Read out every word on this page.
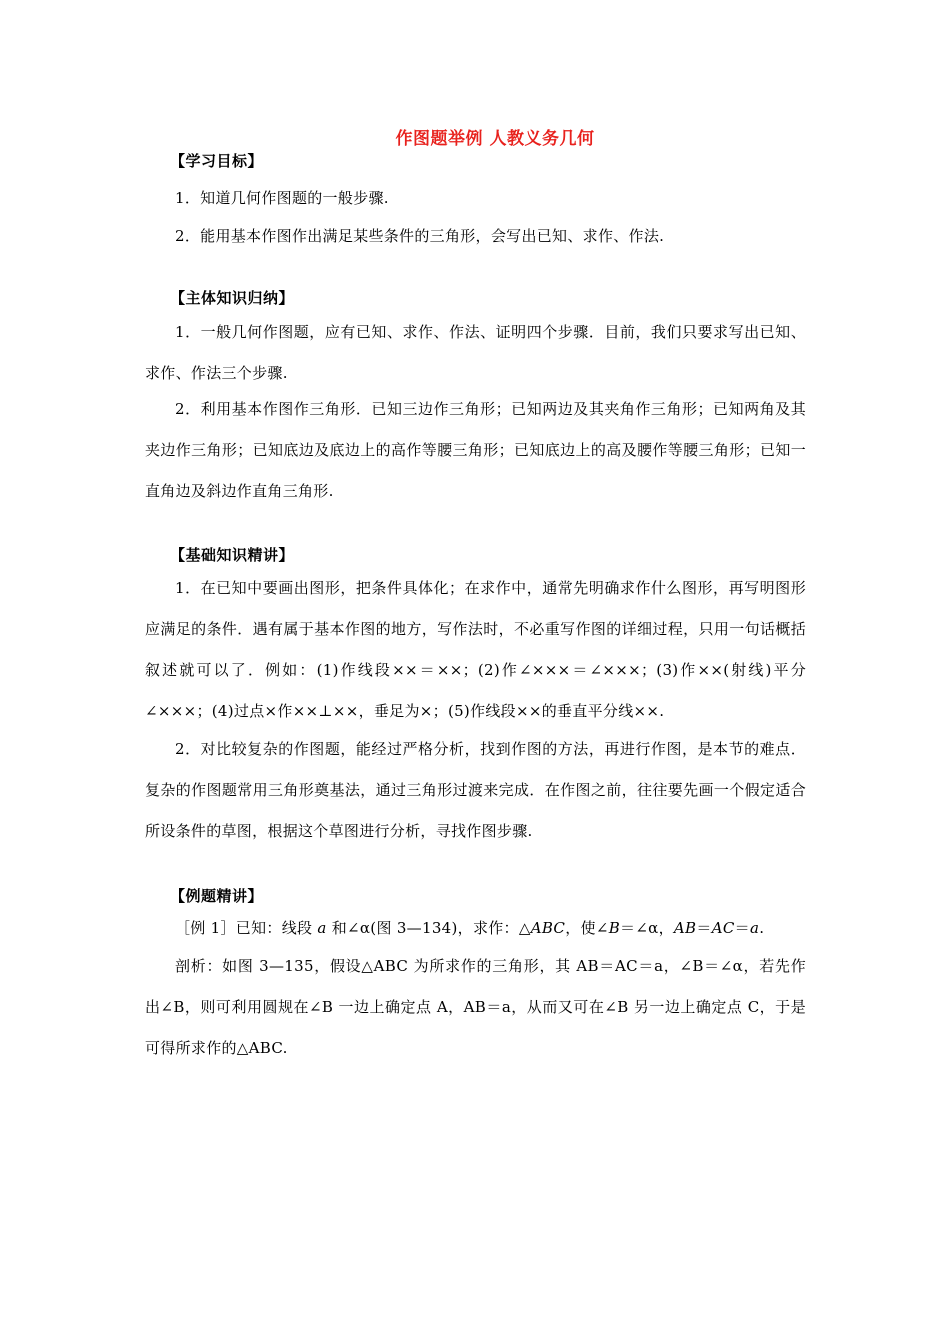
作图题举例 人教义务几何
【学习目标】
1．知道几何作图题的一般步骤.
2．能用基本作图作出满足某些条件的三角形，会写出已知、求作、作法.
【主体知识归纳】
1．一般几何作图题，应有已知、求作、作法、证明四个步骤．目前，我们只要求写出已知、求作、作法三个步骤.
2．利用基本作图作三角形．已知三边作三角形；已知两边及其夹角作三角形；已知两角及其夹边作三角形；已知底边及底边上的高作等腰三角形；已知底边上的高及腰作等腰三角形；已知一直角边及斜边作直角三角形.
【基础知识精讲】
1．在已知中要画出图形，把条件具体化；在求作中，通常先明确求作什么图形，再写明图形应满足的条件．遇有属于基本作图的地方，写作法时，不必重写作图的详细过程，只用一句话概括叙述就可以了．例如：(1)作线段××＝××；(2)作∠×××＝∠×××；(3)作××(射线)平分∠×××；(4)过点×作××⊥××，垂足为×；(5)作线段××的垂直平分线××.
2．对比较复杂的作图题，能经过严格分析，找到作图的方法，再进行作图，是本节的难点．复杂的作图题常用三角形奠基法，通过三角形过渡来完成．在作图之前，往往要先画一个假定适合所设条件的草图，根据这个草图进行分析，寻找作图步骤.
【例题精讲】
［例 1］已知：线段 a 和∠α(图 3—134)，求作：△ABC，使∠B＝∠α，AB＝AC＝a.
剖析：如图 3—135，假设△ABC 为所求作的三角形，其 AB＝AC＝a，∠B＝∠α，若先作出∠B，则可利用圆规在∠B 一边上确定点 A，AB＝a，从而又可在∠B 另一边上确定点 C，于是可得所求作的△ABC.
